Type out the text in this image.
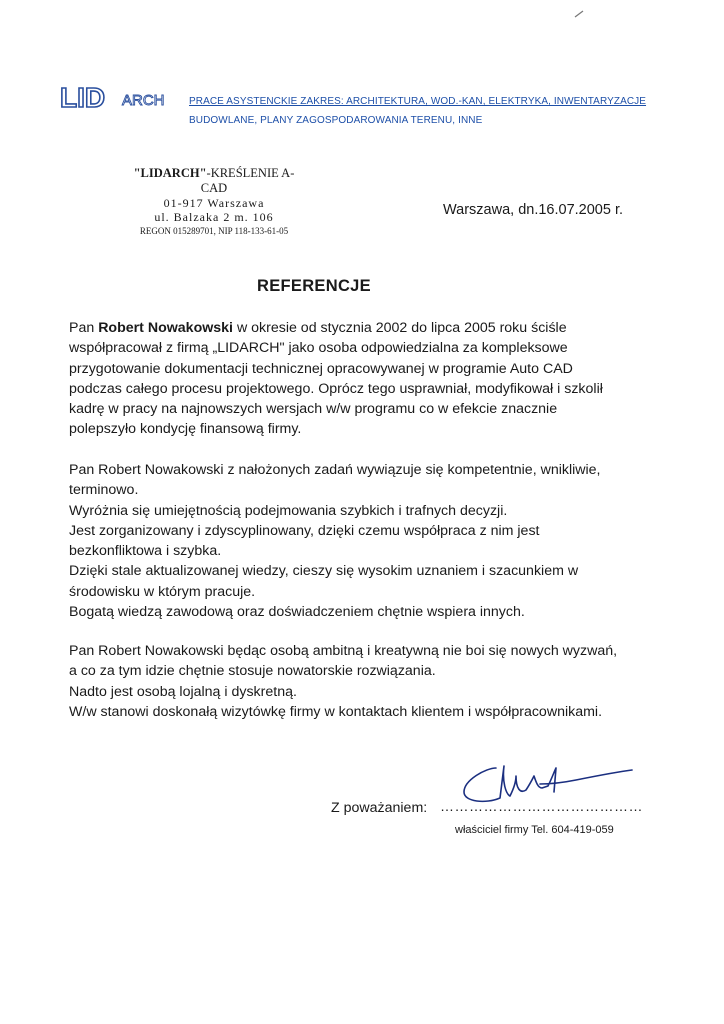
LID ARCH PRACE ASYSTENCKIE ZAKRES: ARCHITEKTURA, WOD.-KAN, ELEKTRYKA, INWENTARYZACJE
BUDOWLANE, PLANY ZAGOSPODAROWANIA TERENU, INNE
"LIDARCH"-KREŚLENIE A-CAD
01-917 Warszawa
ul. Balzaka 2 m. 106
REGON 015289701, NIP 118-133-61-05
Warszawa, dn.16.07.2005 r.
REFERENCJE
Pan Robert Nowakowski w okresie od stycznia 2002 do lipca 2005 roku ściśle
współpracował z firmą „LIDARCH" jako osoba odpowiedzialna za kompleksowe
przygotowanie dokumentacji technicznej opracowywanej w programie Auto CAD
podczas całego procesu projektowego. Oprócz tego usprawniał, modyfikował i szkolił
kadrę w pracy na najnowszych wersjach w/w programu co w efekcie znacznie
polepszyło kondycję finansową firmy.
Pan Robert Nowakowski z nałożonych zadań wywiązuje się kompetentnie, wnikliwie,
terminowo.
Wyróżnia się umiejętnością podejmowania szybkich i trafnych decyzji.
Jest zorganizowany i zdyscyplinowany, dzięki czemu współpraca z nim jest
bezkonfliktowa i szybka.
Dzięki stale aktualizowanej wiedzy, cieszy się wysokim uznaniem i szacunkiem w
środowisku w którym pracuje.
Bogatą wiedzą zawodową oraz doświadczeniem chętnie wspiera innych.
Pan Robert Nowakowski będąc osobą ambitną i kreatywną nie boi się nowych wyzwań,
a co za tym idzie chętnie stosuje nowatorskie rozwiązania.
Nadto jest osobą lojalną i dyskretną.
W/w stanowi doskonałą wizytówkę firmy w kontaktach klientem i współpracownikami.
Z poważaniem: ……………………………………
właściciel firmy Tel. 604-419-059
